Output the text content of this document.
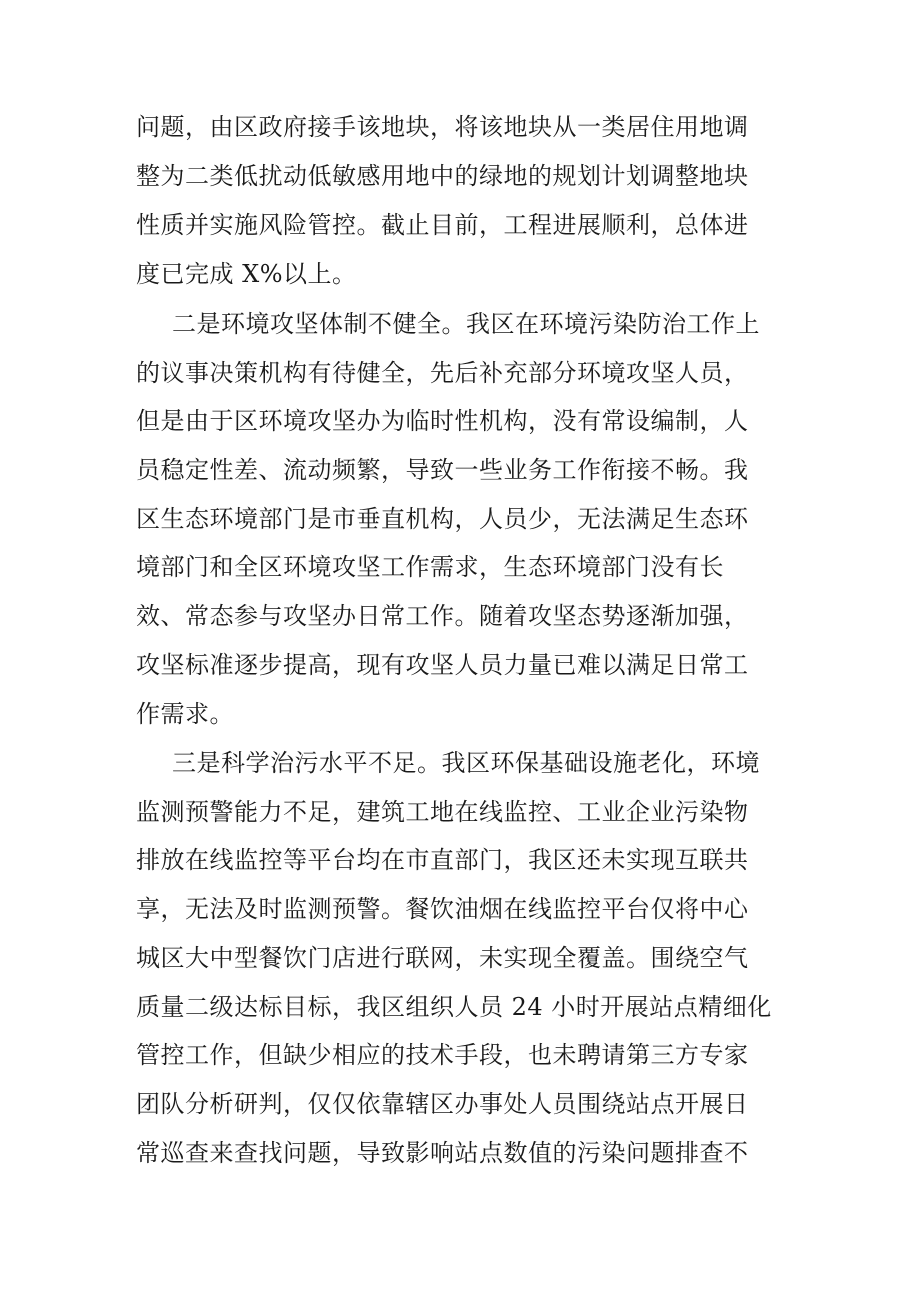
问题，由区政府接手该地块，将该地块从一类居住用地调
整为二类低扰动低敏感用地中的绿地的规划计划调整地块
性质并实施风险管控。截止目前，工程进展顺利，总体进
度已完成 X%以上。
二是环境攻坚体制不健全。我区在环境污染防治工作上
的议事决策机构有待健全，先后补充部分环境攻坚人员，
但是由于区环境攻坚办为临时性机构，没有常设编制，人
员稳定性差、流动频繁，导致一些业务工作衔接不畅。我
区生态环境部门是市垂直机构，人员少，无法满足生态环
境部门和全区环境攻坚工作需求，生态环境部门没有长
效、常态参与攻坚办日常工作。随着攻坚态势逐渐加强，
攻坚标准逐步提高，现有攻坚人员力量已难以满足日常工
作需求。
三是科学治污水平不足。我区环保基础设施老化，环境
监测预警能力不足，建筑工地在线监控、工业企业污染物
排放在线监控等平台均在市直部门，我区还未实现互联共
享，无法及时监测预警。餐饮油烟在线监控平台仅将中心
城区大中型餐饮门店进行联网，未实现全覆盖。围绕空气
质量二级达标目标，我区组织人员 24 小时开展站点精细化
管控工作，但缺少相应的技术手段，也未聘请第三方专家
团队分析研判，仅仅依靠辖区办事处人员围绕站点开展日
常巡查来查找问题，导致影响站点数值的污染问题排查不
